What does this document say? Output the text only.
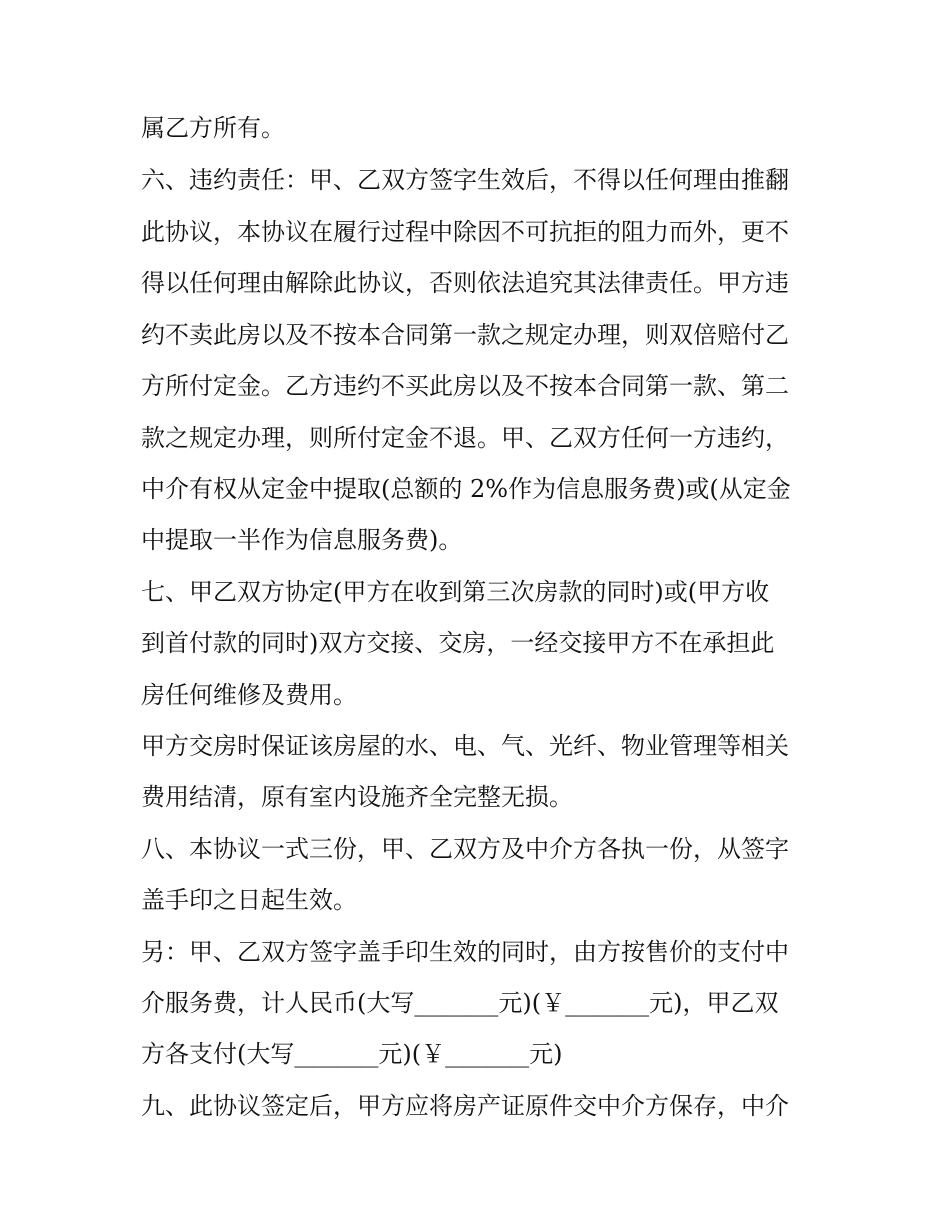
属乙方所有。
六、违约责任：甲、乙双方签字生效后，不得以任何理由推翻
此协议，本协议在履行过程中除因不可抗拒的阻力而外，更不
得以任何理由解除此协议，否则依法追究其法律责任。甲方违
约不卖此房以及不按本合同第一款之规定办理，则双倍赔付乙
方所付定金。乙方违约不买此房以及不按本合同第一款、第二
款之规定办理，则所付定金不退。甲、乙双方任何一方违约，
中介有权从定金中提取(总额的 2%作为信息服务费)或(从定金
中提取一半作为信息服务费)。
七、甲乙双方协定(甲方在收到第三次房款的同时)或(甲方收
到首付款的同时)双方交接、交房，一经交接甲方不在承担此
房任何维修及费用。
甲方交房时保证该房屋的水、电、气、光纤、物业管理等相关
费用结清，原有室内设施齐全完整无损。
八、本协议一式三份，甲、乙双方及中介方各执一份，从签字
盖手印之日起生效。
另：甲、乙双方签字盖手印生效的同时，由方按售价的支付中
介服务费，计人民币(大写_______元)(￥_______元)，甲乙双
方各支付(大写_______元)(￥_______元)
九、此协议签定后，甲方应将房产证原件交中介方保存，中介
